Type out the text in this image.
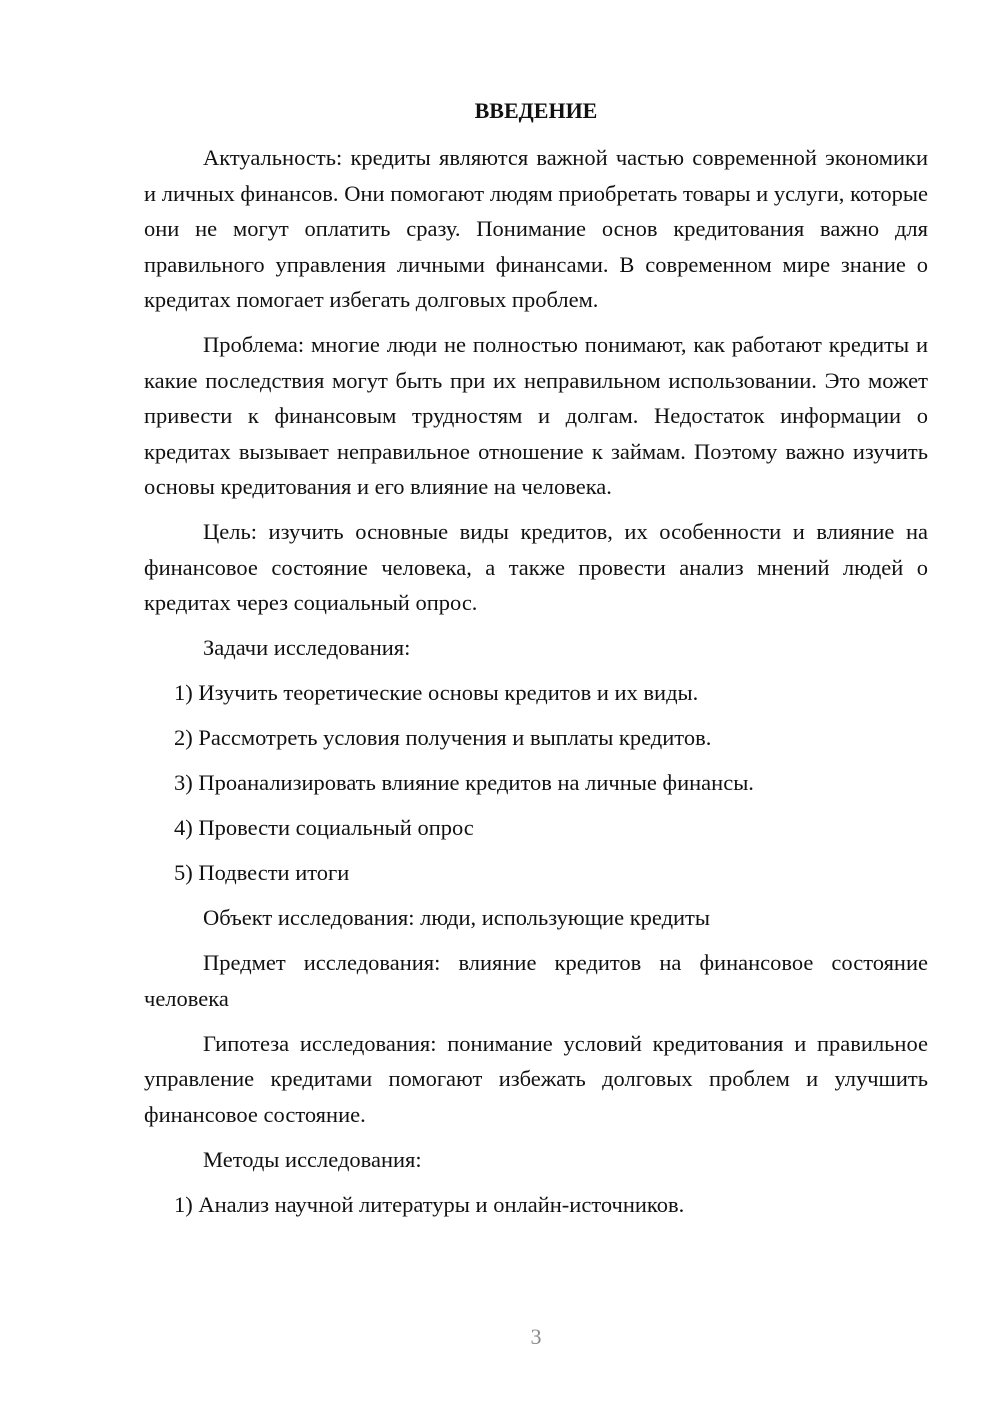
ВВЕДЕНИЕ

Актуальность: кредиты являются важной частью современной экономики и личных финансов. Они помогают людям приобретать товары и услуги, которые они не могут оплатить сразу. Понимание основ кредитования важно для правильного управления личными финансами. В современном мире знание о кредитах помогает избегать долговых проблем.

Проблема: многие люди не полностью понимают, как работают кредиты и какие последствия могут быть при их неправильном использовании. Это может привести к финансовым трудностям и долгам. Недостаток информации о кредитах вызывает неправильное отношение к займам. Поэтому важно изучить основы кредитования и его влияние на человека.

Цель: изучить основные виды кредитов, их особенности и влияние на финансовое состояние человека, а также провести анализ мнений людей о кредитах через социальный опрос.

Задачи исследования:

1) Изучить теоретические основы кредитов и их виды.
2) Рассмотреть условия получения и выплаты кредитов.
3) Проанализировать влияние кредитов на личные финансы.
4) Провести социальный опрос
5) Подвести итоги

Объект исследования: люди, использующие кредиты

Предмет исследования: влияние кредитов на финансовое состояние человека

Гипотеза исследования: понимание условий кредитования и правильное управление кредитами помогают избежать долговых проблем и улучшить финансовое состояние.

Методы исследования:

1) Анализ научной литературы и онлайн-источников.
3
